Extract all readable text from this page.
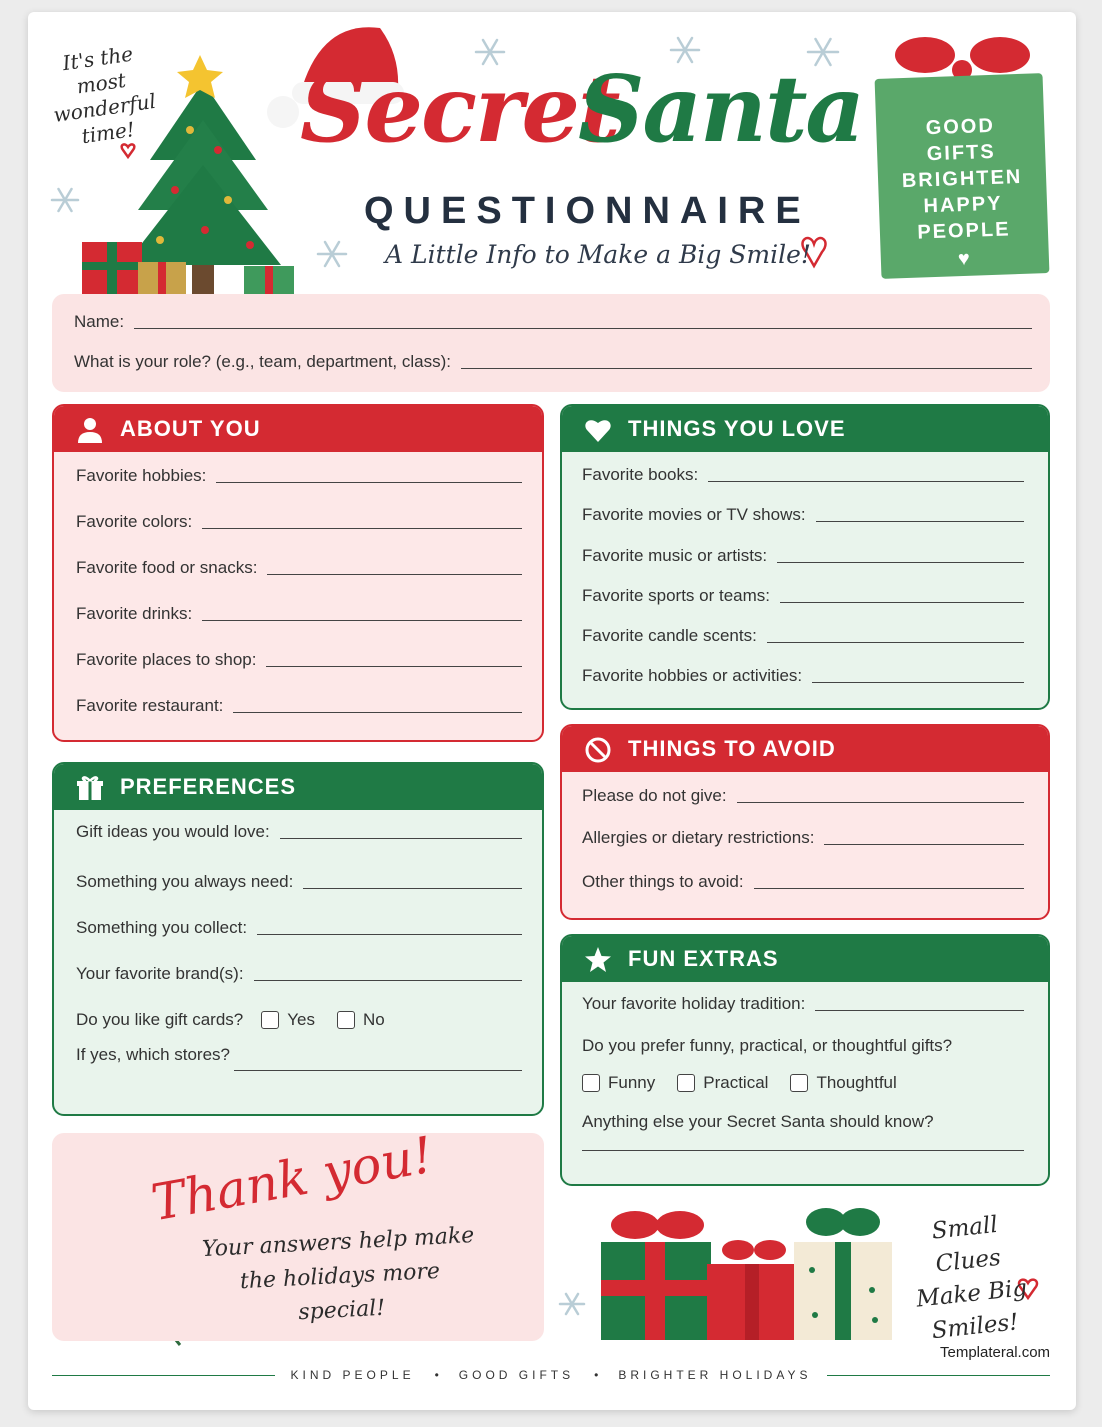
It's the most wonderful time!	Secret
Santa
QUESTIONNAIRE
A Little Info to Make a Big Smile!
GOOD
GIFTS
BRIGHTEN
HAPPY
PEOPLE
♥
Name:
What is your role? (e.g., team, department, class):
ABOUT YOU
Favorite hobbies:
Favorite colors:
Favorite food or snacks:
Favorite drinks:
Favorite places to shop:
Favorite restaurant:
THINGS YOU LOVE
Favorite books:
Favorite movies or TV shows:
Favorite music or artists:
Favorite sports or teams:
Favorite candle scents:
Favorite hobbies or activities:
THINGS TO AVOID
Please do not give:
Allergies or dietary restrictions:
Other things to avoid:
PREFERENCES
Gift ideas you would love:
Something you always need:
Something you collect:
Your favorite brand(s):
Do you like gift cards?	Yes	No
If yes, which stores?
FUN EXTRAS
Your favorite holiday tradition:
Do you prefer funny, practical, or thoughtful gifts?
Funny	Practical	Thoughtful
Anything else your Secret Santa should know?
Thank you!
Your answers help make the holidays more special!
Small Clues Make Big Smiles!
Templateral.com
KIND PEOPLE	•	GOOD GIFTS	•	BRIGHTER HOLIDAYS
